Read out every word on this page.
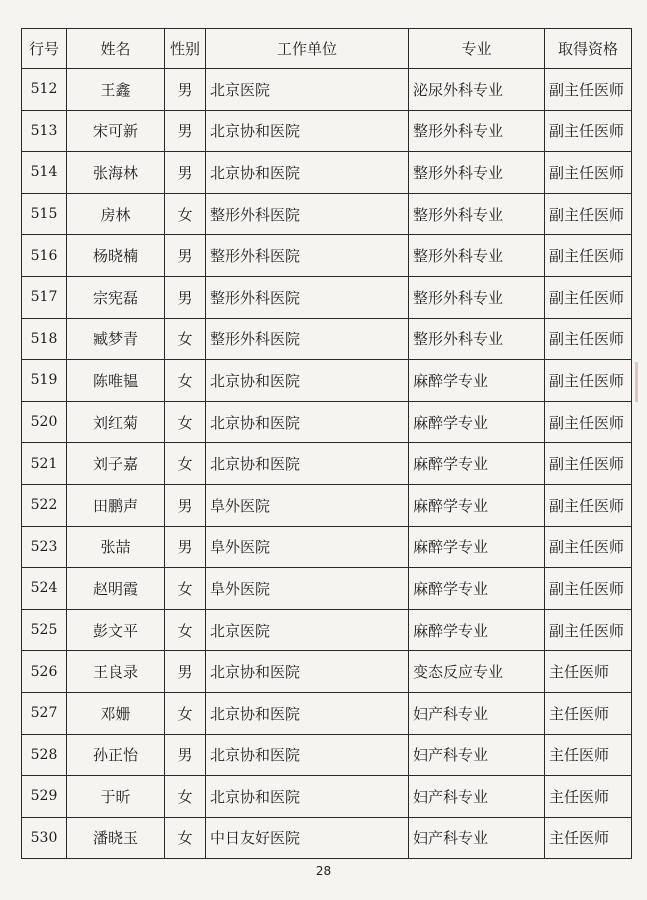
行号	姓名	性别	工作单位	专业	取得资格
512	王鑫	男	北京医院	泌尿外科专业	副主任医师
513	宋可新	男	北京协和医院	整形外科专业	副主任医师
514	张海林	男	北京协和医院	整形外科专业	副主任医师
515	房林	女	整形外科医院	整形外科专业	副主任医师
516	杨晓楠	男	整形外科医院	整形外科专业	副主任医师
517	宗宪磊	男	整形外科医院	整形外科专业	副主任医师
518	臧梦青	女	整形外科医院	整形外科专业	副主任医师
519	陈唯韫	女	北京协和医院	麻醉学专业	副主任医师
520	刘红菊	女	北京协和医院	麻醉学专业	副主任医师
521	刘子嘉	女	北京协和医院	麻醉学专业	副主任医师
522	田鹏声	男	阜外医院	麻醉学专业	副主任医师
523	张喆	男	阜外医院	麻醉学专业	副主任医师
524	赵明霞	女	阜外医院	麻醉学专业	副主任医师
525	彭文平	女	北京医院	麻醉学专业	副主任医师
526	王良录	男	北京协和医院	变态反应专业	主任医师
527	邓姗	女	北京协和医院	妇产科专业	主任医师
528	孙正怡	男	北京协和医院	妇产科专业	主任医师
529	于昕	女	北京协和医院	妇产科专业	主任医师
530	潘晓玉	女	中日友好医院	妇产科专业	主任医师
28
